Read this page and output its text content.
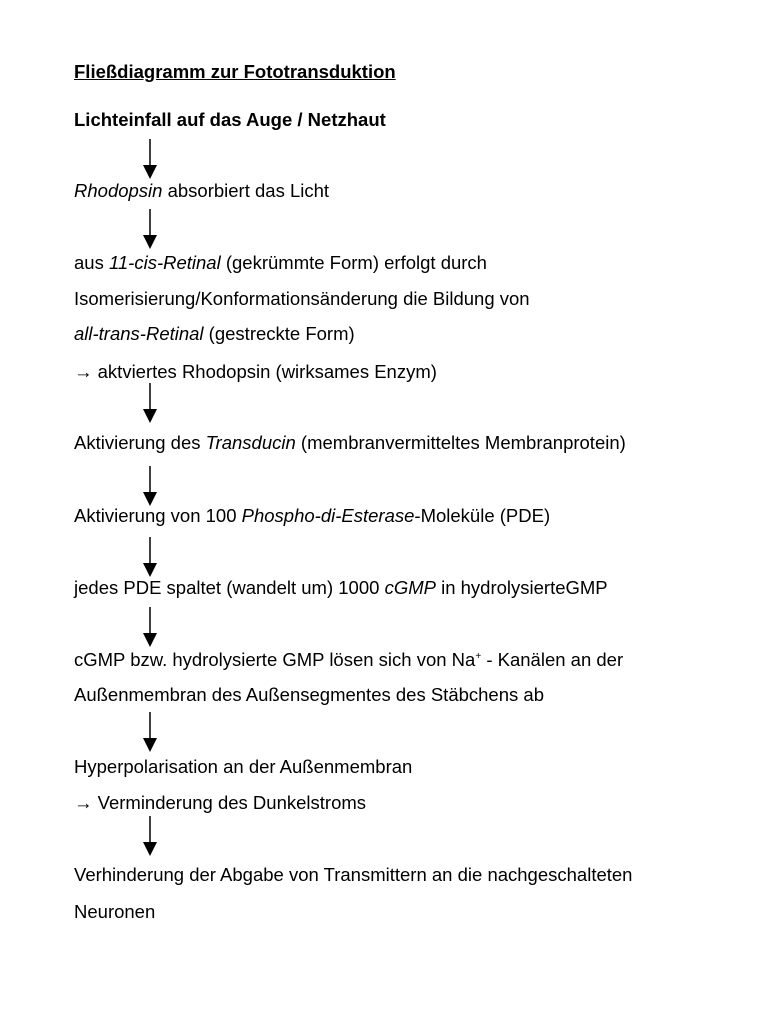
Fließdiagramm zur Fototransduktion
Lichteinfall auf das Auge / Netzhaut
Rhodopsin absorbiert das Licht
aus 11-cis-Retinal (gekrümmte Form) erfolgt durch
Isomerisierung/Konformationsänderung die Bildung von
all-trans-Retinal (gestreckte Form)
→ aktviertes Rhodopsin (wirksames Enzym)
Aktivierung des Transducin (membranvermitteltes Membranprotein)
Aktivierung von 100 Phospho-di-Esterase-Moleküle (PDE)
jedes PDE spaltet (wandelt um) 1000 cGMP in hydrolysierteGMP
cGMP bzw. hydrolysierte GMP lösen sich von Na+ - Kanälen an der
Außenmembran des Außensegmentes des Stäbchens ab
Hyperpolarisation an der Außenmembran
→ Verminderung des Dunkelstroms
Verhinderung der Abgabe von Transmittern an die nachgeschalteten
Neuronen
